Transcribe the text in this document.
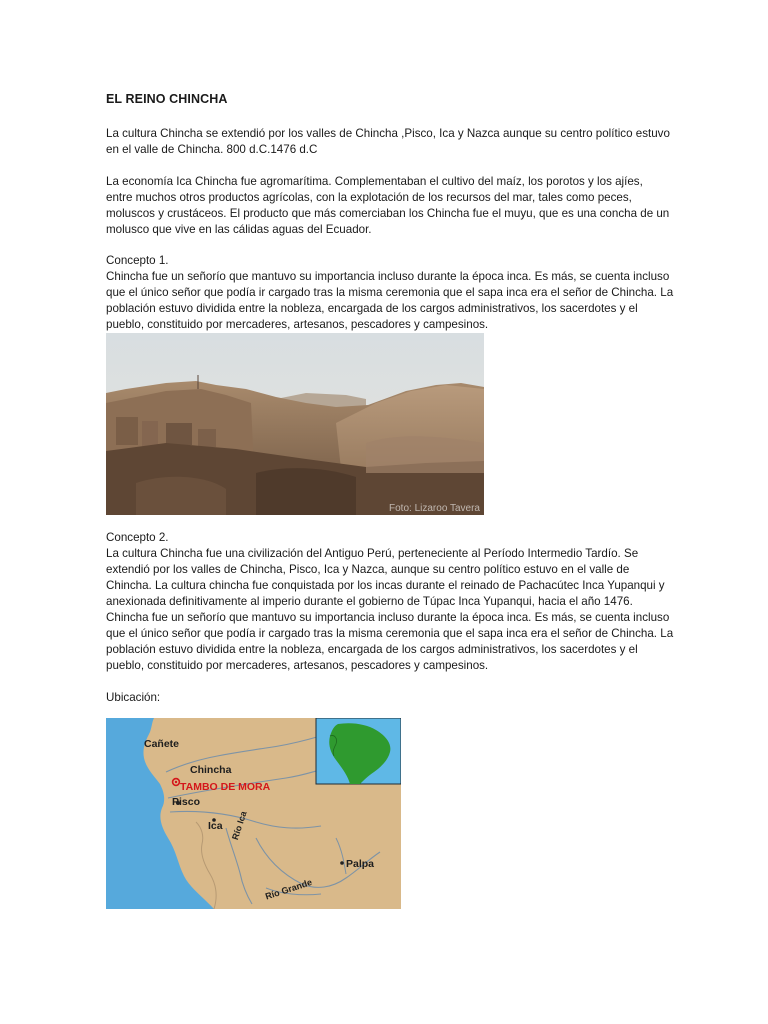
EL REINO CHINCHA

La cultura Chincha se extendió por los valles de Chincha ,Pisco, Ica y Nazca aunque su centro político estuvo
en el valle de Chincha. 800 d.C.1476 d.C

La economía Ica Chincha fue agromarítima. Complementaban el cultivo del maíz, los porotos y los ajíes,
entre muchos otros productos agrícolas, con la explotación de los recursos del mar, tales como peces,
moluscos y crustáceos. El producto que más comerciaban los Chincha fue el muyu, que es una concha de un
molusco que vive en las cálidas aguas del Ecuador.

Concepto 1.
Chincha fue un señorío que mantuvo su importancia incluso durante la época inca. Es más, se cuenta incluso
que el único señor que podía ir cargado tras la misma ceremonia que el sapa inca era el señor de Chincha. La
población estuvo dividida entre la nobleza, encargada de los cargos administrativos, los sacerdotes y el
pueblo, constituido por mercaderes, artesanos, pescadores y campesinos.

Foto: Lizaroo Tavera

Concepto 2.
La cultura Chincha fue una civilización del Antiguo Perú, perteneciente al Período Intermedio Tardío. Se
extendió por los valles de Chincha, Pisco, Ica y Nazca, aunque su centro político estuvo en el valle de
Chincha. La cultura chincha fue conquistada por los incas durante el reinado de Pachacútec Inca Yupanqui y
anexionada definitivamente al imperio durante el gobierno de Túpac Inca Yupanqui, hacia el año 1476.
Chincha fue un señorío que mantuvo su importancia incluso durante la época inca. Es más, se cuenta incluso
que el único señor que podía ir cargado tras la misma ceremonia que el sapa inca era el señor de Chincha. La
población estuvo dividida entre la nobleza, encargada de los cargos administrativos, los sacerdotes y el
pueblo, constituido por mercaderes, artesanos, pescadores y campesinos.

Ubicación:

Cañete
Chincha
TAMBO DE MORA
Pisco
Ica Río Ica
Palpa
Río Grande
